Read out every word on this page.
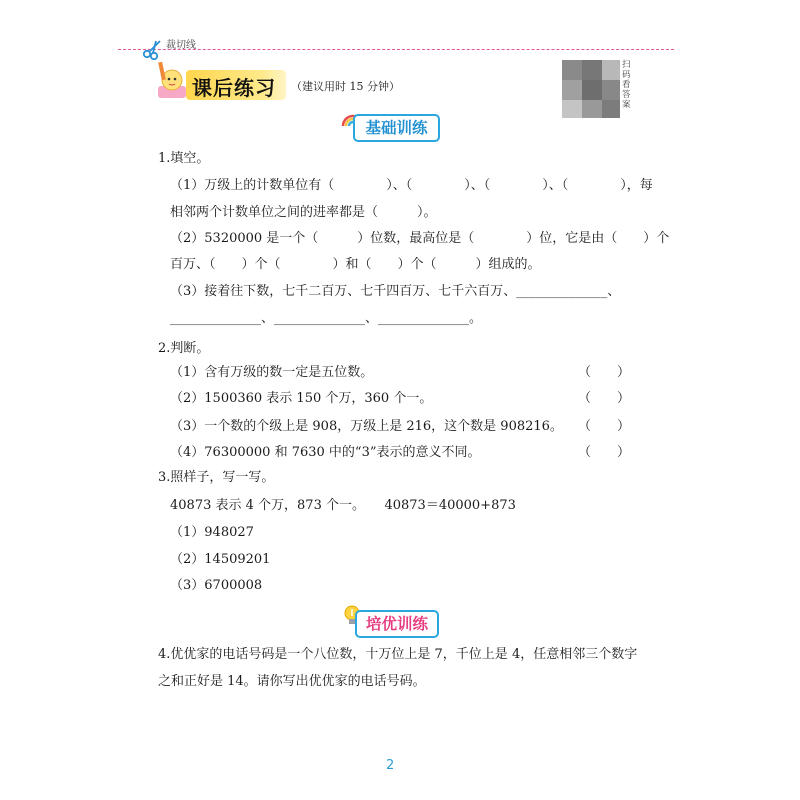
裁切线
课后练习 （建议用时 15 分钟）
扫码看答案
基础训练
1.填空。
（1）万级上的计数单位有（　　　　）、（　　　　）、（　　　　）、（　　　　），每
相邻两个计数单位之间的进率都是（　　　）。
（2）5320000 是一个（　　　）位数，最高位是（　　　　）位，它是由（　　）个
百万、（　　）个（　　　　）和（　　）个（　　　）组成的。
（3）接着往下数，七千二百万、七千四百万、七千六百万、______________、
______________、______________、______________。
2.判断。
（1）含有万级的数一定是五位数。	（　　）
（2）1500360 表示 150 个万，360 个一。	（　　）
（3）一个数的个级上是 908，万级上是 216，这个数是 908216。 （　　）
（4）76300000 和 7630 中的“3”表示的意义不同。	（　　）
3.照样子，写一写。
40873 表示 4 个万，873 个一。　　40873＝40000+873
（1）948027
（2）14509201
（3）6700008
培优训练
4.优优家的电话号码是一个八位数，十万位上是 7，千位上是 4，任意相邻三个数字
之和正好是 14。请你写出优优家的电话号码。
2
